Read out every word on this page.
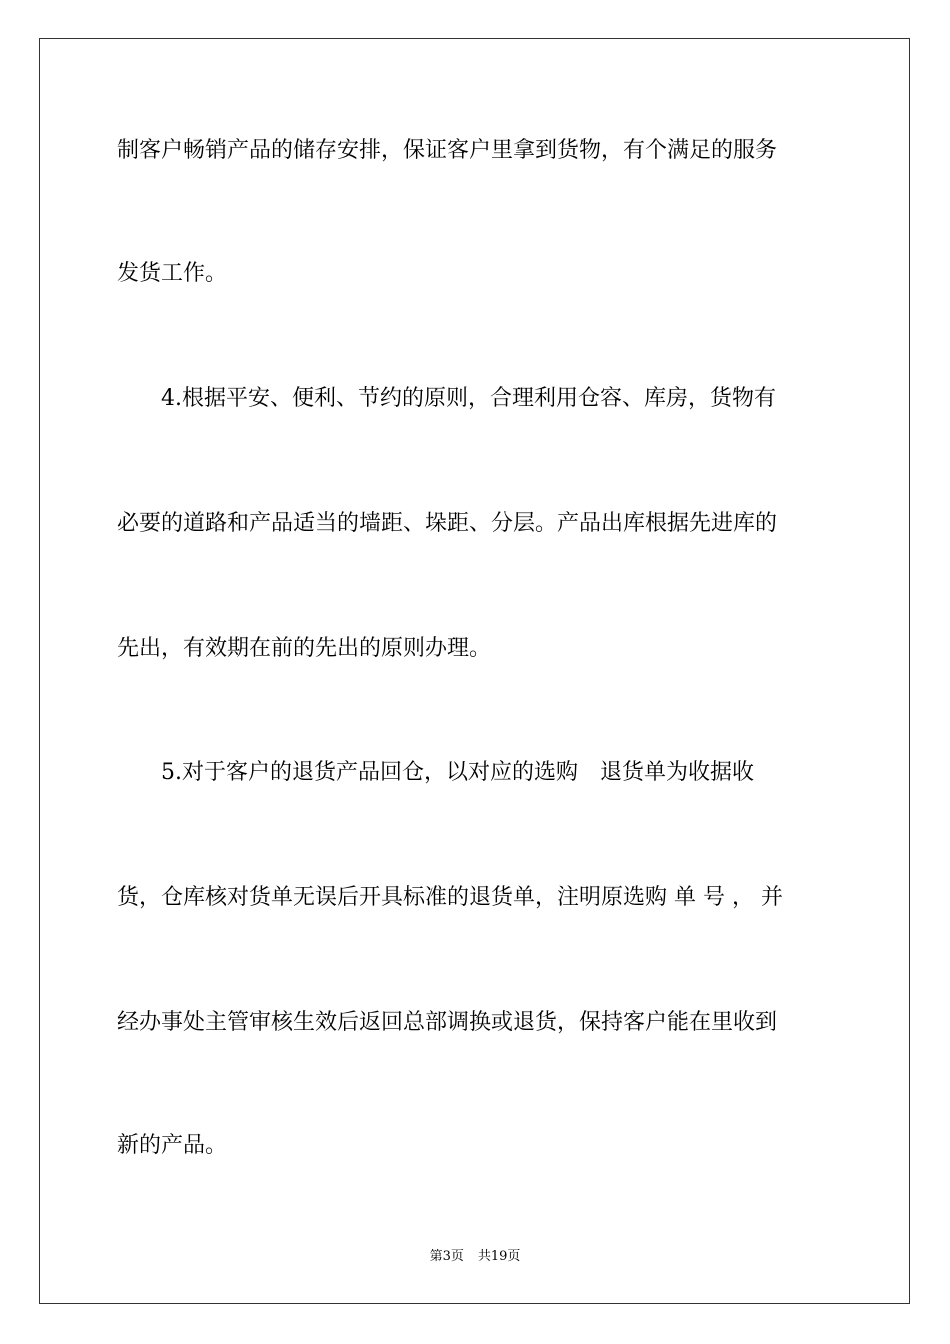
制客户畅销产品的储存安排，保证客户里拿到货物，有个满足的服务
发货工作。
　　4.根据平安、便利、节约的原则，合理利用仓容、库房，货物有
必要的道路和产品适当的墙距、垛距、分层。产品出库根据先进库的
先出，有效期在前的先出的原则办理。
　　5.对于客户的退货产品回仓，以对应的选购　退货单为收据收
货，仓库核对货单无误后开具标准的退货单，注明原选购 单 号 ， 并
经办事处主管审核生效后返回总部调换或退货，保持客户能在里收到
新的产品。
第3页 共19页
